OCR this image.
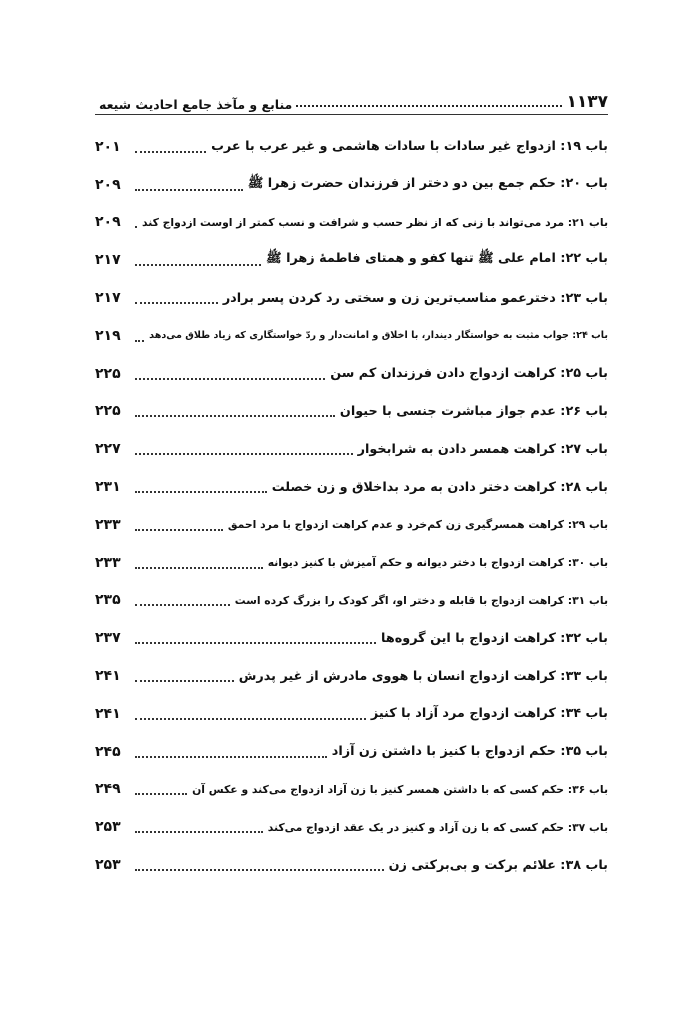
منابع و مآخذ جامع احادیث شیعه	۱۱۳۷
باب ۱۹: ازدواج غیر سادات با سادات هاشمی و غیر عرب با عرب
۲۰۱
باب ۲۰: حکم جمع بین دو دختر از فرزندان حضرت زهرا ﷺ
۲۰۹
باب ۲۱: مرد می‌تواند با زنی که از نظر حسب و شرافت و نسب کمتر از اوست ازدواج کند
۲۰۹
باب ۲۲: امام علی ﷺ تنها کفو و همتای فاطمهٔ زهرا ﷺ
۲۱۷
باب ۲۳: دخترعمو مناسب‌ترین زن و سختی رد کردن پسر برادر
۲۱۷
باب ۲۴: جواب مثبت به خواستگار دیندار، با اخلاق و امانت‌دار و ردّ خواستگاری که زیاد طلاق می‌دهد
۲۱۹
باب ۲۵: کراهت ازدواج دادن فرزندان کم سن
۲۲۵
باب ۲۶: عدم جواز مباشرت جنسی با حیوان
۲۲۵
باب ۲۷: کراهت همسر دادن به شرابخوار
۲۲۷
باب ۲۸: کراهت دختر دادن به مرد بداخلاق و زن خصلت
۲۳۱
باب ۲۹: کراهت همسرگیری زن کم‌خرد و عدم کراهت ازدواج با مرد احمق
۲۳۳
باب ۳۰: کراهت ازدواج با دختر دیوانه و حکم آمیزش با کنیز دیوانه
۲۳۳
باب ۳۱: کراهت ازدواج با قابله و دختر او، اگر کودک را بزرگ کرده است
۲۳۵
باب ۳۲: کراهت ازدواج با این گروه‌ها
۲۳۷
باب ۳۳: کراهت ازدواج انسان با هووی مادرش از غیر پدرش
۲۴۱
باب ۳۴: کراهت ازدواج مرد آزاد با کنیز
۲۴۱
باب ۳۵: حکم ازدواج با کنیز با داشتن زن آزاد
۲۴۵
باب ۳۶: حکم کسی که با داشتن همسر کنیز با زن آزاد ازدواج می‌کند و عکس آن
۲۴۹
باب ۳۷: حکم کسی که با زن آزاد و کنیز در یک عقد ازدواج می‌کند
۲۵۳
باب ۳۸: علائم برکت و بی‌برکتی زن
۲۵۳
